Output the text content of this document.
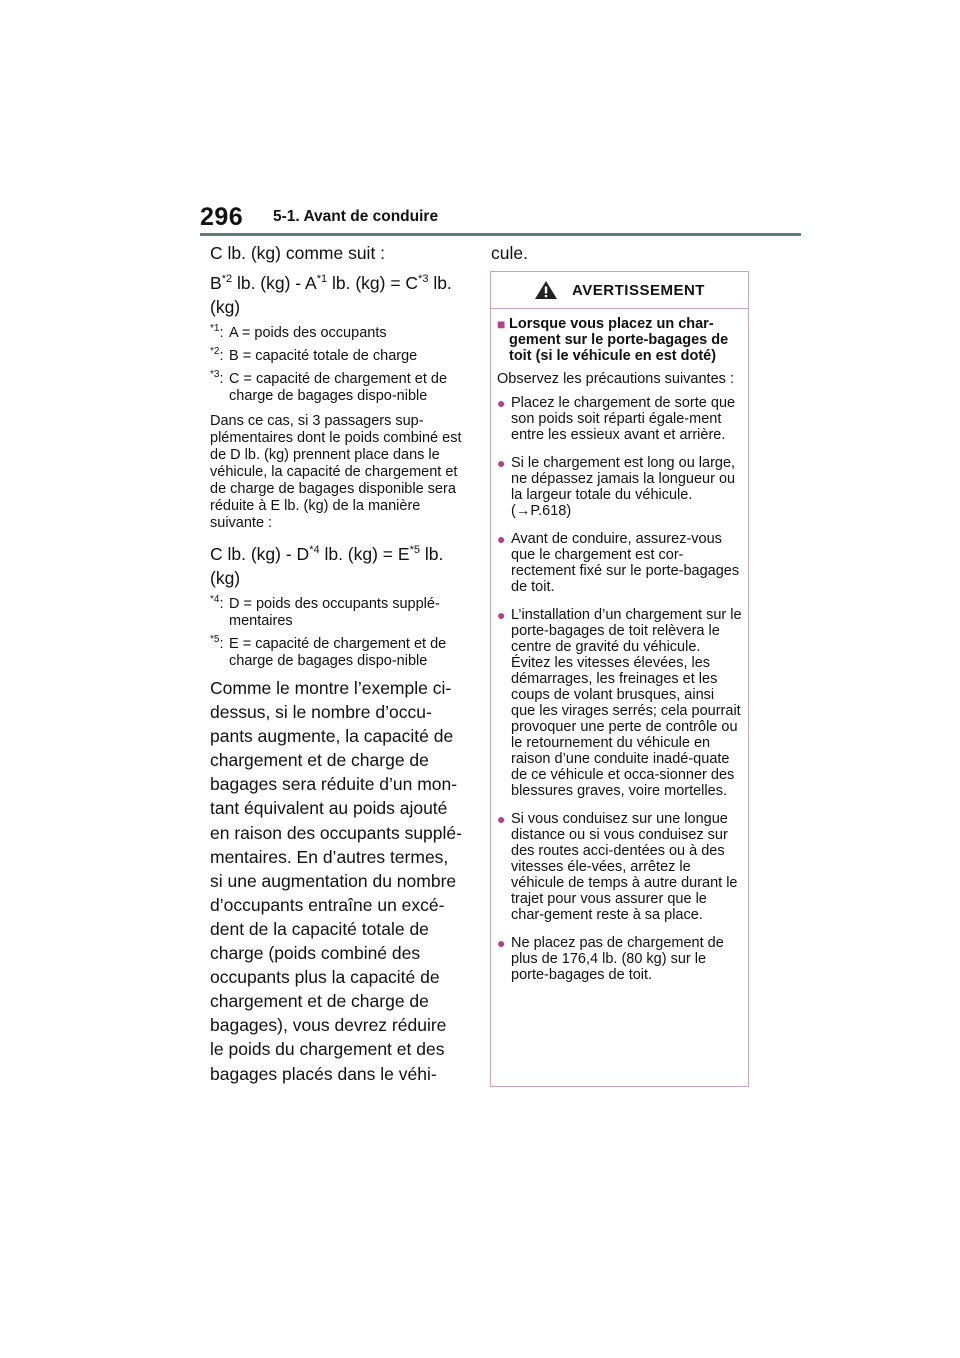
296 5-1. Avant de conduire

C lb. (kg) comme suit :

$B^{*2}$ lb. $(kg) - A^{*1}$ lb. $(kg) = C^{*3}$ lb. (kg)

$^{*1}$: A = poids des occupants
$^{*2}$: B = capacité totale de charge
$^{*3}$: C = capacité de chargement et de charge de bagages dispo-nible

Dans ce cas, si 3 passagers sup-plémentaires dont le poids combiné est de D lb. (kg) prennent place dans le véhicule, la capacité de chargement et de charge de bagages disponible sera réduite à E lb. (kg) de la manière suivante :

C lb. $(kg) - D^{*4}$ lb. $(kg) = E^{*5}$ lb. (kg)

$^{*4}$: D = poids des occupants supplé-mentaires
$^{*5}$: E = capacité de chargement et de charge de bagages dispo-nible
Comme le montre l’exemple ci-
dessus, si le nombre d’occu-
pants augmente, la capacité de
chargement et de charge de
bagages sera réduite d’un mon-
tant équivalent au poids ajouté
en raison des occupants supplé-
mentaires. En d’autres termes,
si une augmentation du nombre
d’occupants entraîne un excé-
dent de la capacité totale de
charge (poids combiné des
occupants plus la capacité de
chargement et de charge de
bagages), vous devrez réduire
le poids du chargement et des
bagages placés dans le véhi-
cule.
AVERTISSEMENT
■ Lorsque vous placez un char-gement sur le porte-bagages de toit (si le véhicule en est doté)
Observez les précautions suivantes :
● Placez le chargement de sorte que son poids soit réparti égale-ment entre les essieux avant et arrière.
● Si le chargement est long ou large, ne dépassez jamais la longueur ou la largeur totale du véhicule. (→P.618)
● Avant de conduire, assurez-vous que le chargement est cor-rectement fixé sur le porte-bagages de toit.
● L’installation d’un chargement sur le porte-bagages de toit relèvera le centre de gravité du véhicule. Évitez les vitesses élevées, les démarrages, les freinages et les coups de volant brusques, ainsi que les virages serrés; cela pourrait provoquer une perte de contrôle ou le retournement du véhicule en raison d’une conduite inadé-quate de ce véhicule et occa-sionner des blessures graves, voire mortelles.
● Si vous conduisez sur une longue distance ou si vous conduisez sur des routes acci-dentées ou à des vitesses éle-vées, arrêtez le véhicule de temps à autre durant le trajet pour vous assurer que le char-gement reste à sa place.
● Ne placez pas de chargement de plus de 176,4 lb. (80 kg) sur le porte-bagages de toit.
